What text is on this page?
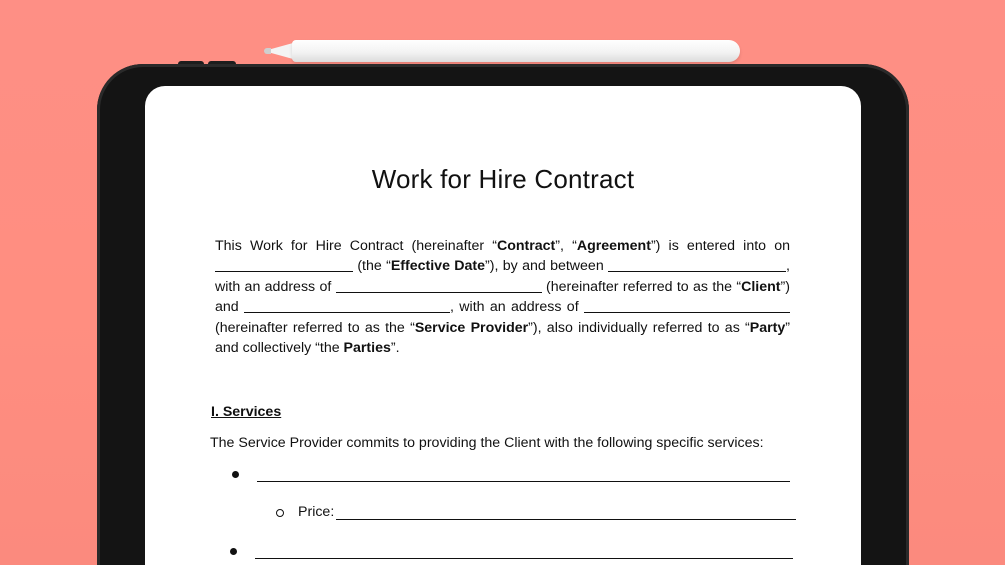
Work for Hire Contract
This Work for Hire Contract (hereinafter “Contract”, “Agreement”) is entered into on  (the “Effective Date”), by and between	, with an address of	(hereinafter referred to as the “Client”) and	, with an address of  (hereinafter referred to as the “Service Provider”), also individually referred to as “Party” and collectively “the Parties”.
I. Services
The Service Provider commits to providing the Client with the following specific services:
Price:
